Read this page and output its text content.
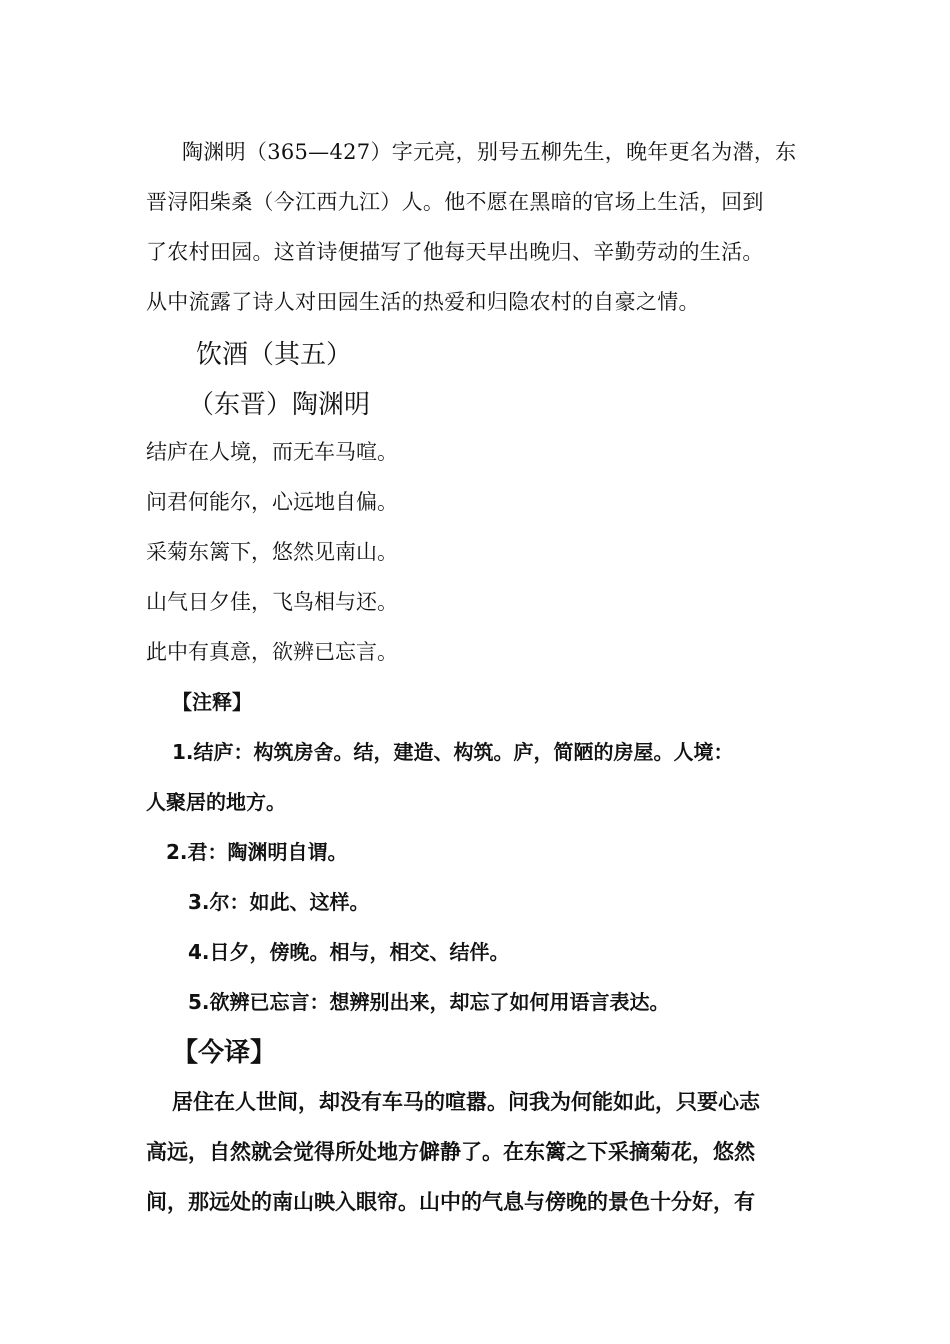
陶渊明（365—427）字元亮，别号五柳先生，晚年更名为潜，东

晋浔阳柴桑（今江西九江）人。他不愿在黑暗的官场上生活，回到

了农村田园。这首诗便描写了他每天早出晚归、辛勤劳动的生活。

从中流露了诗人对田园生活的热爱和归隐农村的自豪之情。

饮酒（其五）

（东晋）陶渊明

结庐在人境，而无车马喧。

问君何能尔，心远地自偏。

采菊东篱下，悠然见南山。

山气日夕佳，飞鸟相与还。

此中有真意，欲辨已忘言。

【注释】

1.结庐：构筑房舍。结，建造、构筑。庐，简陋的房屋。人境：

人聚居的地方。

2.君：陶渊明自谓。

3.尔：如此、这样。

4.日夕，傍晚。相与，相交、结伴。

5.欲辨已忘言：想辨别出来，却忘了如何用语言表达。

【今译】

居住在人世间，却没有车马的喧嚣。问我为何能如此，只要心志

高远，自然就会觉得所处地方僻静了。在东篱之下采摘菊花，悠然

间，那远处的南山映入眼帘。山中的气息与傍晚的景色十分好，有
